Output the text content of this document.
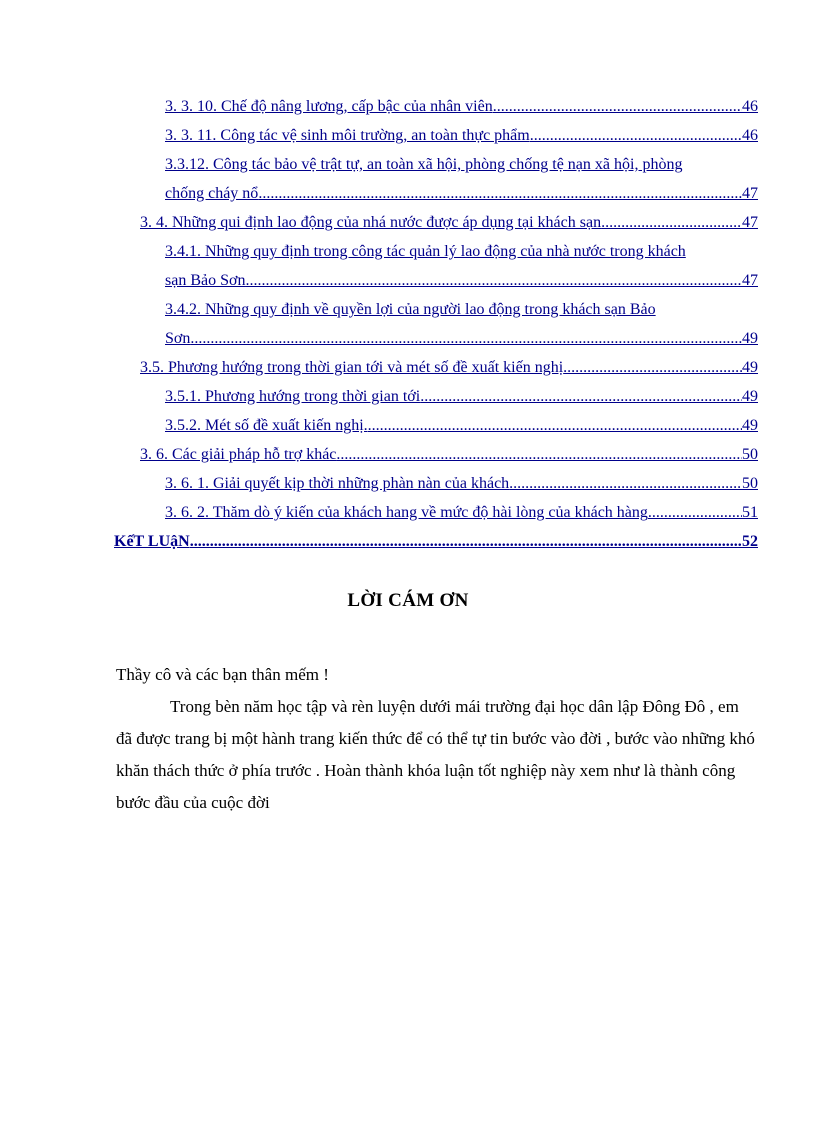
3. 3. 10. Chế độ nâng lương, cấp bậc của nhân viên .....	46
3. 3. 11. Công tác vệ sinh môi trường, an toàn thực phẩm .....	46
3.3.12. Công tác bảo vệ trật tự, an toàn xã hội, phòng chống tệ nạn xã hội, phòng
chống cháy nổ .....	47
3. 4. Những qui định lao động của nhá nước được áp dụng tại khách sạn .....	47
3.4.1. Những quy định trong công tác quản lý lao động của nhà nước trong khách
sạn Bảo Sơn .....	47
3.4.2. Những quy định về quyền lợi của người lao động trong khách sạn Bảo
Sơn .....	49
3.5. Phương hướng trong thời gian tới và mét số đề xuất kiến nghị .....	49
3.5.1. Phương hướng trong thời gian tới .....	49
3.5.2. Mét số đề xuất kiến nghị. .....	49
3. 6. Các giải pháp hỗ trợ khác .....	50
3. 6. 1. Giải quyết kịp thời những phàn nàn của khách .....	50
3. 6. 2. Thăm dò ý kiến của khách hang về mức độ hài lòng của khách hàng .....	51
KếT LUậN .....	52
LỜI CÁM ƠN

Thầy cô và các bạn thân mếm !

Trong bèn năm học tập và rèn luyện dưới mái trường đại học dân lập Đông Đô , em đã được trang bị một hành trang kiến thức để có thể tự tin bước vào đời , bước vào những khó khăn thách thức ở phía trước . Hoàn thành khóa luận tốt nghiệp này xem như là thành công bước đầu của cuộc đời
